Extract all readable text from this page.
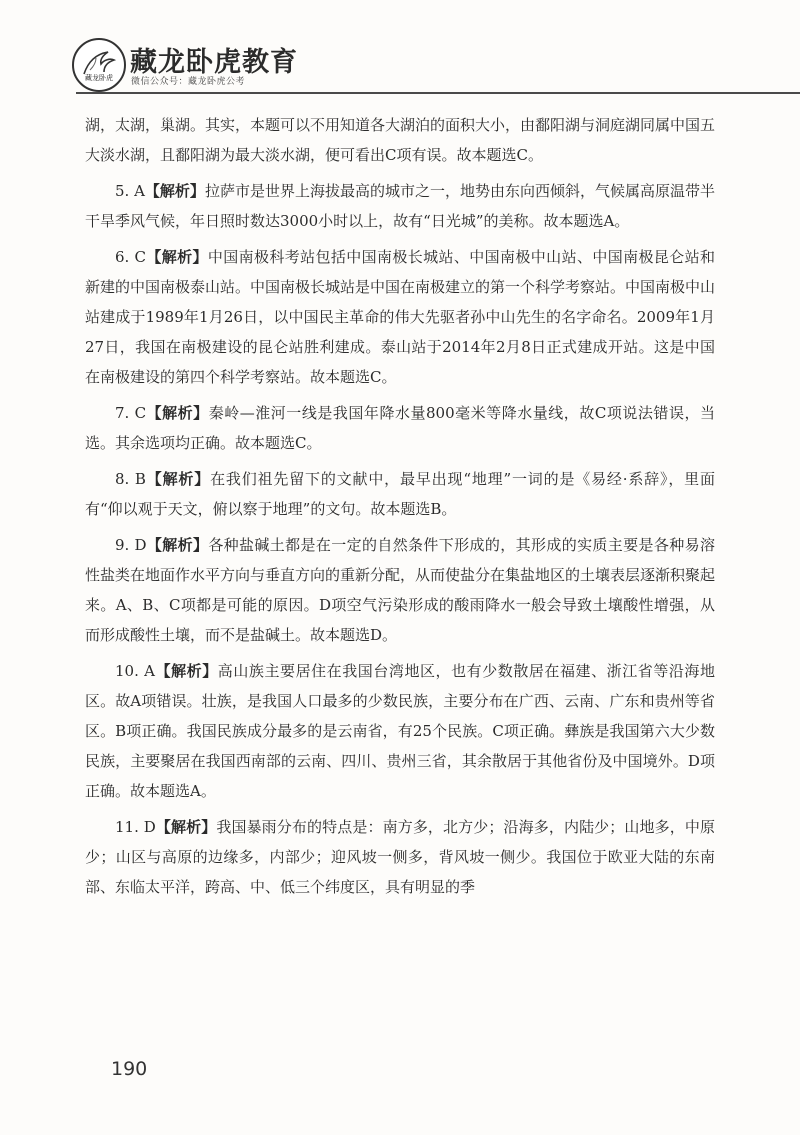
藏龙卧虎 藏龙卧虎教育
微信公众号：藏龙卧虎公考

湖，太湖，巢湖。其实，本题可以不用知道各大湖泊的面积大小，由鄱阳湖与洞庭湖同属中国五大淡水湖，且鄱阳湖为最大淡水湖，便可看出C项有误。故本题选C。

5. A【解析】拉萨市是世界上海拔最高的城市之一，地势由东向西倾斜，气候属高原温带半干旱季风气候，年日照时数达3000小时以上，故有“日光城”的美称。故本题选A。

6. C【解析】中国南极科考站包括中国南极长城站、中国南极中山站、中国南极昆仑站和新建的中国南极泰山站。中国南极长城站是中国在南极建立的第一个科学考察站。中国南极中山站建成于1989年1月26日，以中国民主革命的伟大先驱者孙中山先生的名字命名。2009年1月27日，我国在南极建设的昆仑站胜利建成。泰山站于2014年2月8日正式建成开站。这是中国在南极建设的第四个科学考察站。故本题选C。

7. C【解析】秦岭—淮河一线是我国年降水量800毫米等降水量线，故C项说法错误，当选。其余选项均正确。故本题选C。

8. B【解析】在我们祖先留下的文献中，最早出现“地理”一词的是《易经·系辞》，里面有“仰以观于天文，俯以察于地理”的文句。故本题选B。

9. D【解析】各种盐碱土都是在一定的自然条件下形成的，其形成的实质主要是各种易溶性盐类在地面作水平方向与垂直方向的重新分配，从而使盐分在集盐地区的土壤表层逐渐积聚起来。A、B、C项都是可能的原因。D项空气污染形成的酸雨降水一般会导致土壤酸性增强，从而形成酸性土壤，而不是盐碱土。故本题选D。

10. A【解析】高山族主要居住在我国台湾地区，也有少数散居在福建、浙江省等沿海地区。故A项错误。壮族，是我国人口最多的少数民族，主要分布在广西、云南、广东和贵州等省区。B项正确。我国民族成分最多的是云南省，有25个民族。C项正确。彝族是我国第六大少数民族，主要聚居在我国西南部的云南、四川、贵州三省，其余散居于其他省份及中国境外。D项正确。故本题选A。

11. D【解析】我国暴雨分布的特点是：南方多，北方少；沿海多，内陆少；山地多，中原少；山区与高原的边缘多，内部少；迎风坡一侧多，背风坡一侧少。我国位于欧亚大陆的东南部、东临太平洋，跨高、中、低三个纬度区，具有明显的季

190
